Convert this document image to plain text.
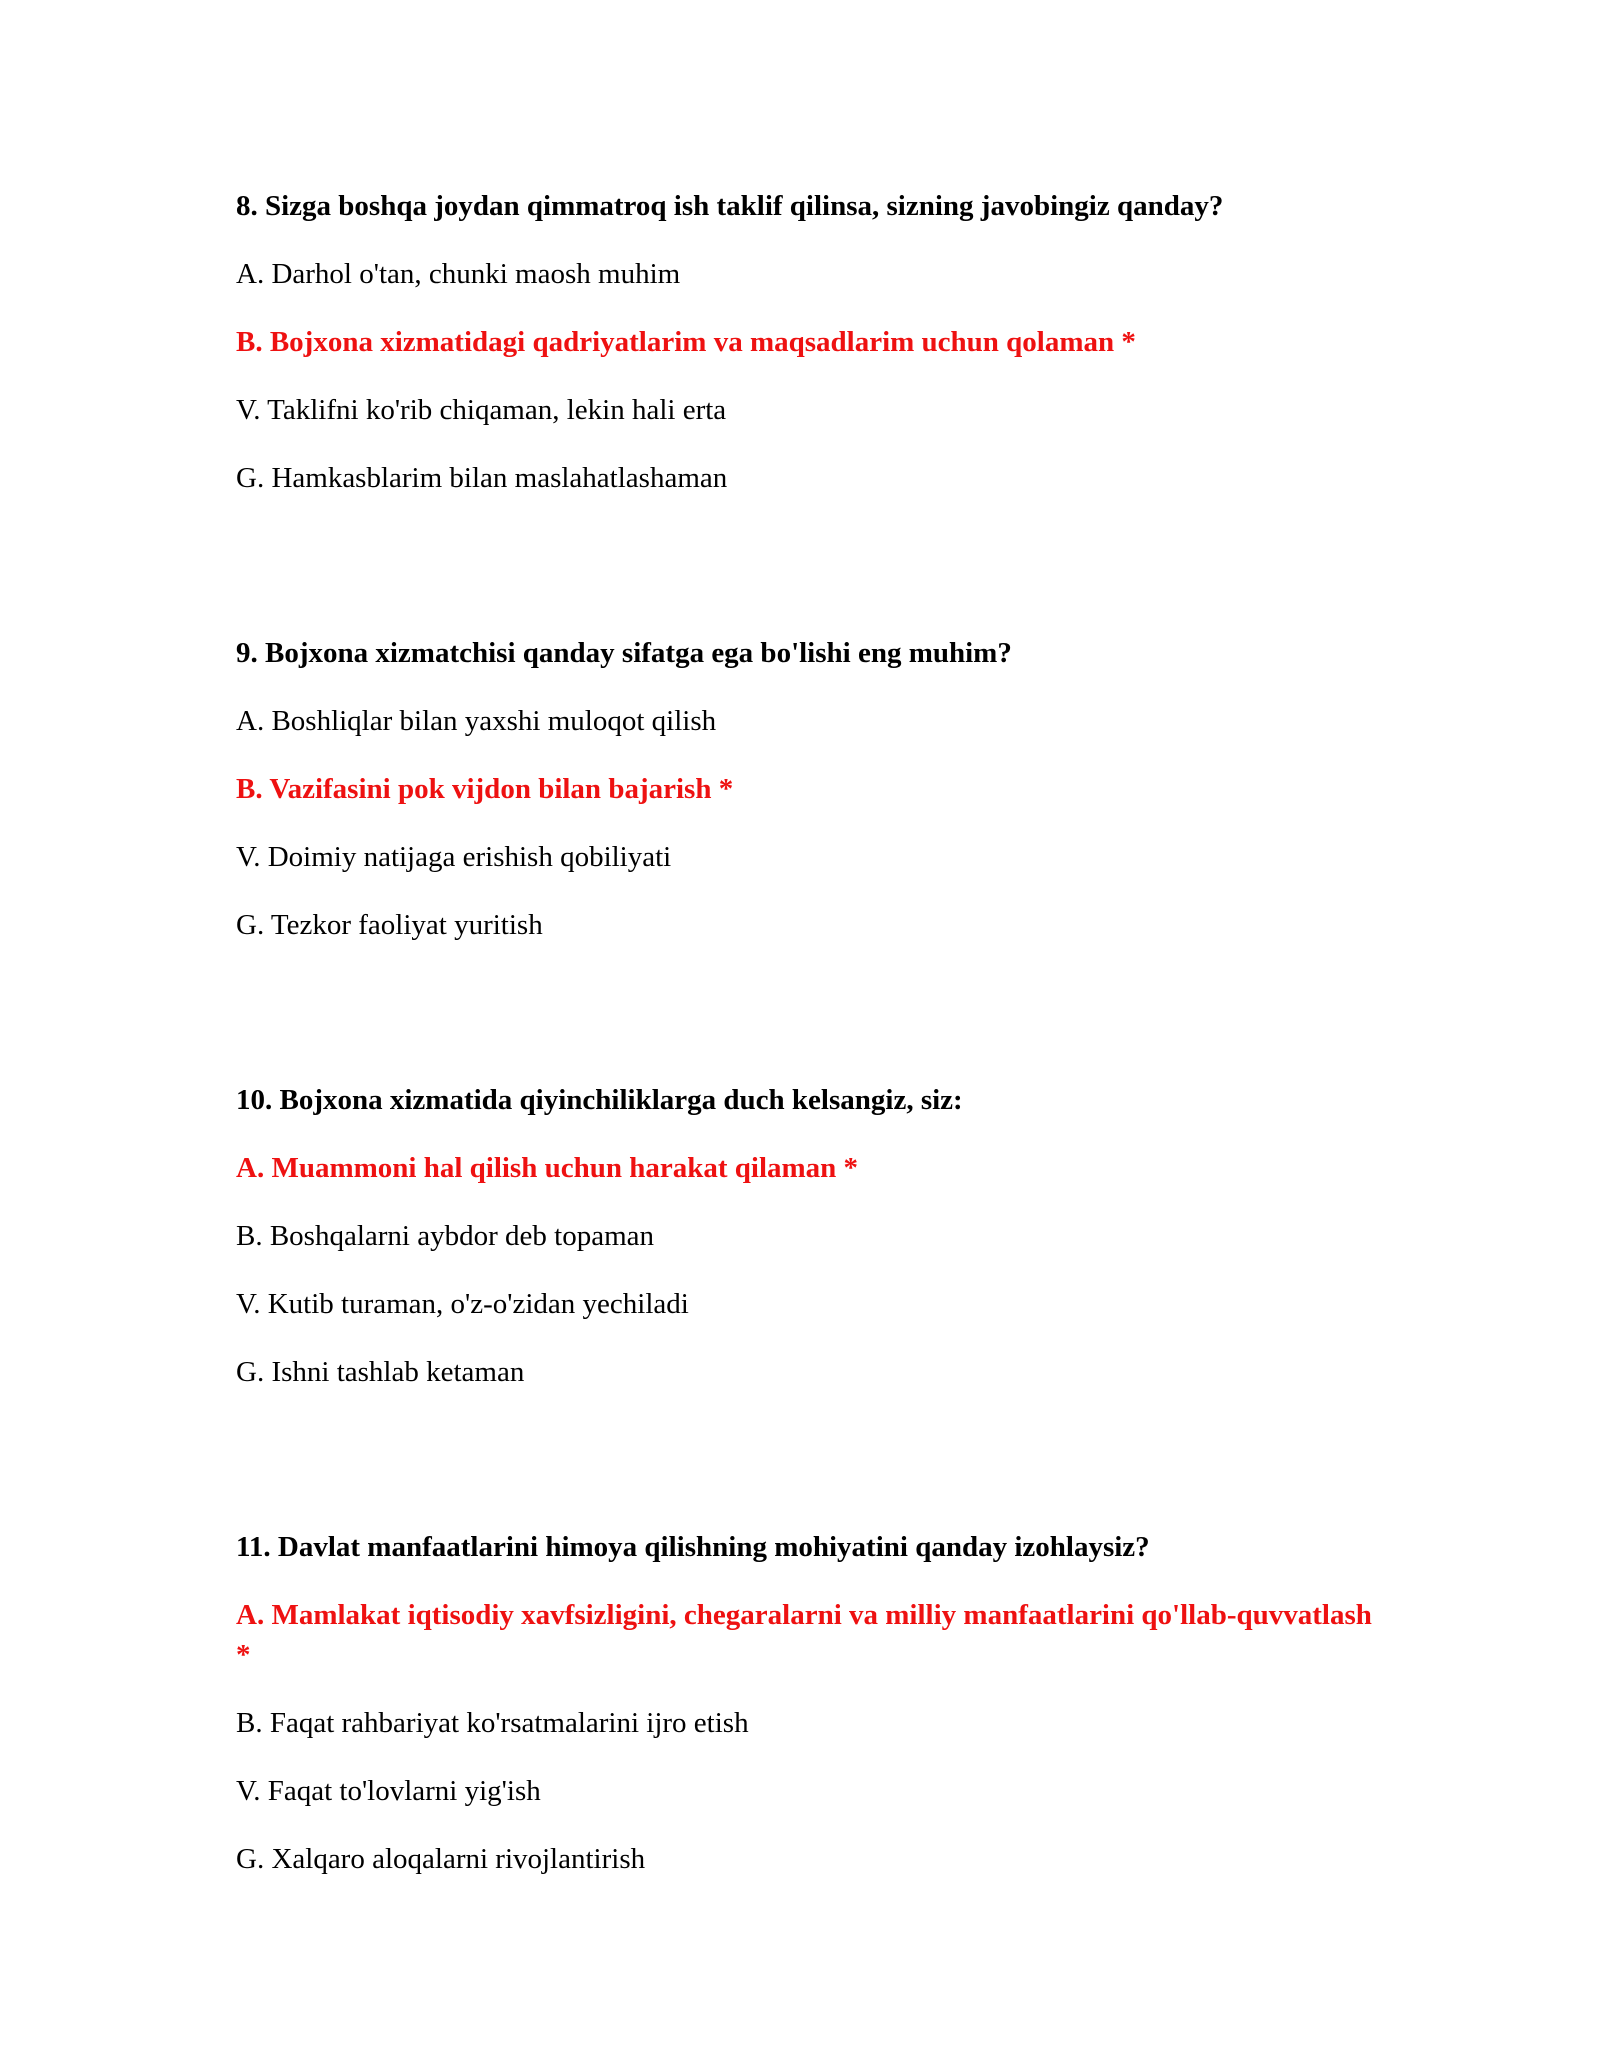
8. Sizga boshqa joydan qimmatroq ish taklif qilinsa, sizning javobingiz qanday?
A. Darhol o'tan, chunki maosh muhim
B. Bojxona xizmatidagi qadriyatlarim va maqsadlarim uchun qolaman *
V. Taklifni ko'rib chiqaman, lekin hali erta
G. Hamkasblarim bilan maslahatlashaman
9. Bojxona xizmatchisi qanday sifatga ega bo'lishi eng muhim?
A. Boshliqlar bilan yaxshi muloqot qilish
B. Vazifasini pok vijdon bilan bajarish *
V. Doimiy natijaga erishish qobiliyati
G. Tezkor faoliyat yuritish
10. Bojxona xizmatida qiyinchiliklarga duch kelsangiz, siz:
A. Muammoni hal qilish uchun harakat qilaman *
B. Boshqalarni aybdor deb topaman
V. Kutib turaman, o'z-o'zidan yechiladi
G. Ishni tashlab ketaman
11. Davlat manfaatlarini himoya qilishning mohiyatini qanday izohlaysiz?
A. Mamlakat iqtisodiy xavfsizligini, chegaralarni va milliy manfaatlarini qo'llab-quvvatlash *
B. Faqat rahbariyat ko'rsatmalarini ijro etish
V. Faqat to'lovlarni yig'ish
G. Xalqaro aloqalarni rivojlantirish
